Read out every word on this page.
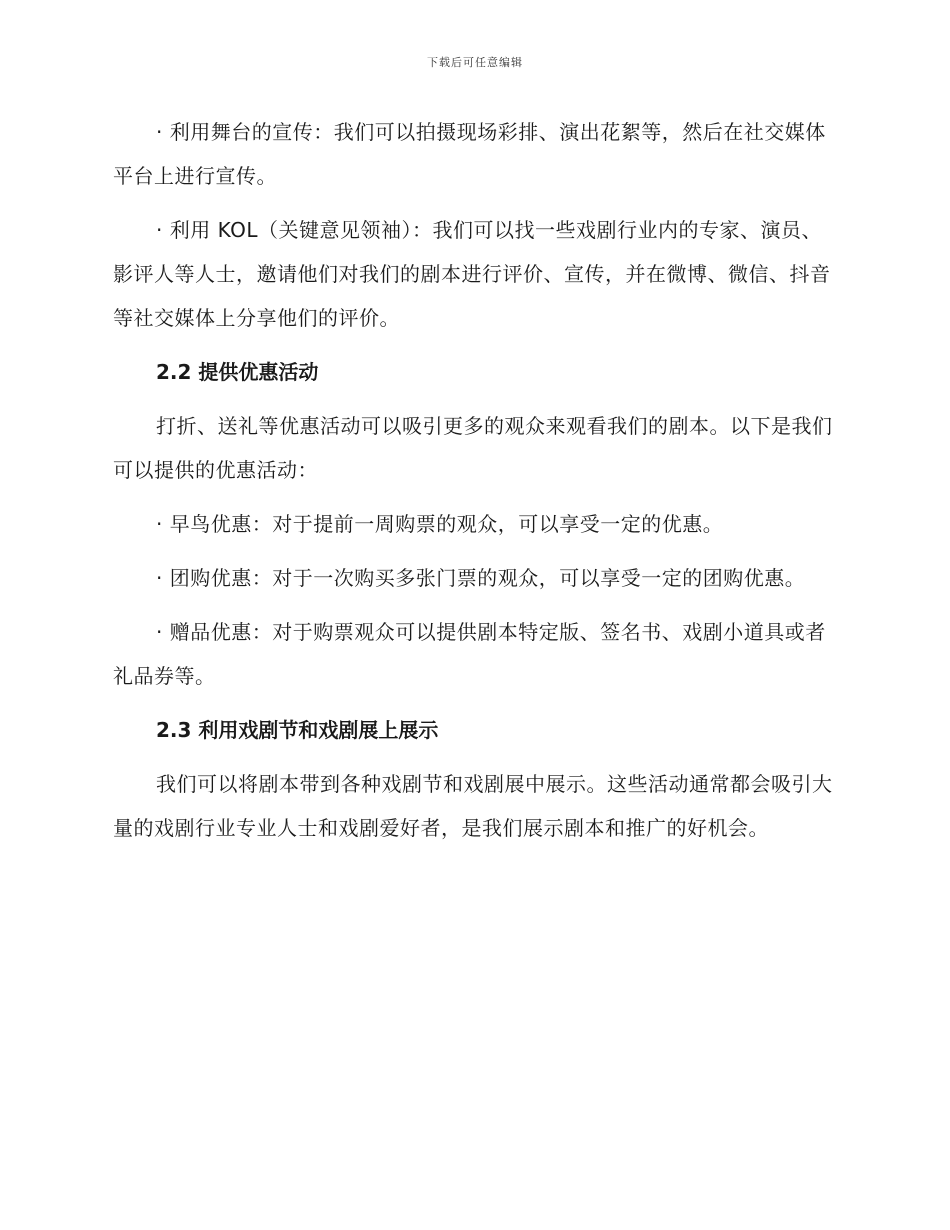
下载后可任意编辑

· 利用舞台的宣传：我们可以拍摄现场彩排、演出花絮等，然后在社交媒体平台上进行宣传。

· 利用 KOL（关键意见领袖）：我们可以找一些戏剧行业内的专家、演员、影评人等人士，邀请他们对我们的剧本进行评价、宣传，并在微博、微信、抖音等社交媒体上分享他们的评价。

2.2 提供优惠活动

打折、送礼等优惠活动可以吸引更多的观众来观看我们的剧本。以下是我们可以提供的优惠活动：

· 早鸟优惠：对于提前一周购票的观众，可以享受一定的优惠。

· 团购优惠：对于一次购买多张门票的观众，可以享受一定的团购优惠。

· 赠品优惠：对于购票观众可以提供剧本特定版、签名书、戏剧小道具或者礼品券等。

2.3 利用戏剧节和戏剧展上展示

我们可以将剧本带到各种戏剧节和戏剧展中展示。这些活动通常都会吸引大量的戏剧行业专业人士和戏剧爱好者，是我们展示剧本和推广的好机会。
